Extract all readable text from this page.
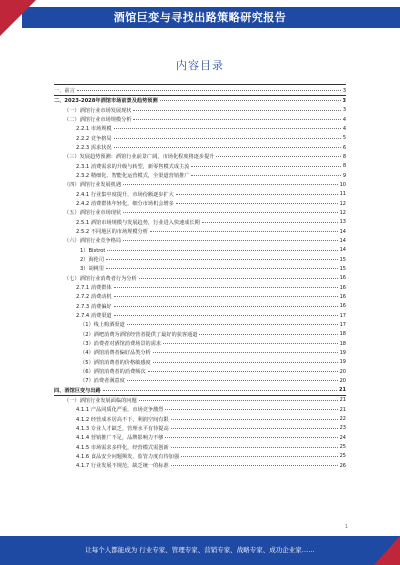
酒馆巨变与寻找出路策略研究报告
内容目录
一、前言	3
二、2023-2028年酒馆市场前景及趋势预测	3
（一）酒馆行业市场发展现状	3
（二）酒馆行业市场规模分析	4
2.2.1 市场规模	4
2.2.2 竞争格局	5
2.2.3 需求状况	6
（三）发展趋势预测：酒馆行业前景广阔，市场化程度将逐步提升	8
2.3.1 消费需求的升级与转型，新零售模式成主流	8
2.3.2 精细化、智能化运营模式，全渠道营销推广	9
（四）酒馆行业发展机遇	10
2.4.1 行业集中度提升，市场份额逐步扩大	11
2.4.2 消费群体年轻化，细分市场机会增多	12
（五）酒馆行业市场现状	12
2.5.1 酒馆市场规模与发展趋势，行业进入快速成长期	13
2.5.2 不同地区的市场规模分析	14
（六）酒馆行业竞争格局	14
1）Bistrot	14
2）海伦司	15
3）胡桃里	15
（七）酒馆行业消费者行为分析	16
2.7.1 消费群体	16
2.7.2 消费动机	16
2.7.3 消费偏好	16
2.7.4 消费渠道	17
（1）线上购酒渠道	17
（2）酒吧消费为酒馆经营者提供了最好的获客通道	18
（3）消费者对酒馆消费场景的需求	18
（4）酒馆消费者偏好品类分析	19
（5）酒馆消费者的价格敏感度	19
（6）酒馆消费者的消费频次	20
（7）消费者满意度	20
四、酒馆巨变与出路	21
（一）酒馆行业发展面临的问题	21
4.1.1 产品同质化严重，市场竞争激烈	21
4.1.2 经营成本居高不下，利润空间有限	22
4.1.3 专业人才缺乏，管理水平有待提高	23
4.1.4 营销推广不足，品牌影响力不够	24
4.1.5 市场需求多样化，经营模式需创新	25
4.1.6 食品安全问题频发，监管力度有待加强	25
4.1.7 行业发展不规范，缺乏统一的标准	26
1
让每个人都能成为 行业专家、管理专家、营销专家、战略专家、成功企业家……
